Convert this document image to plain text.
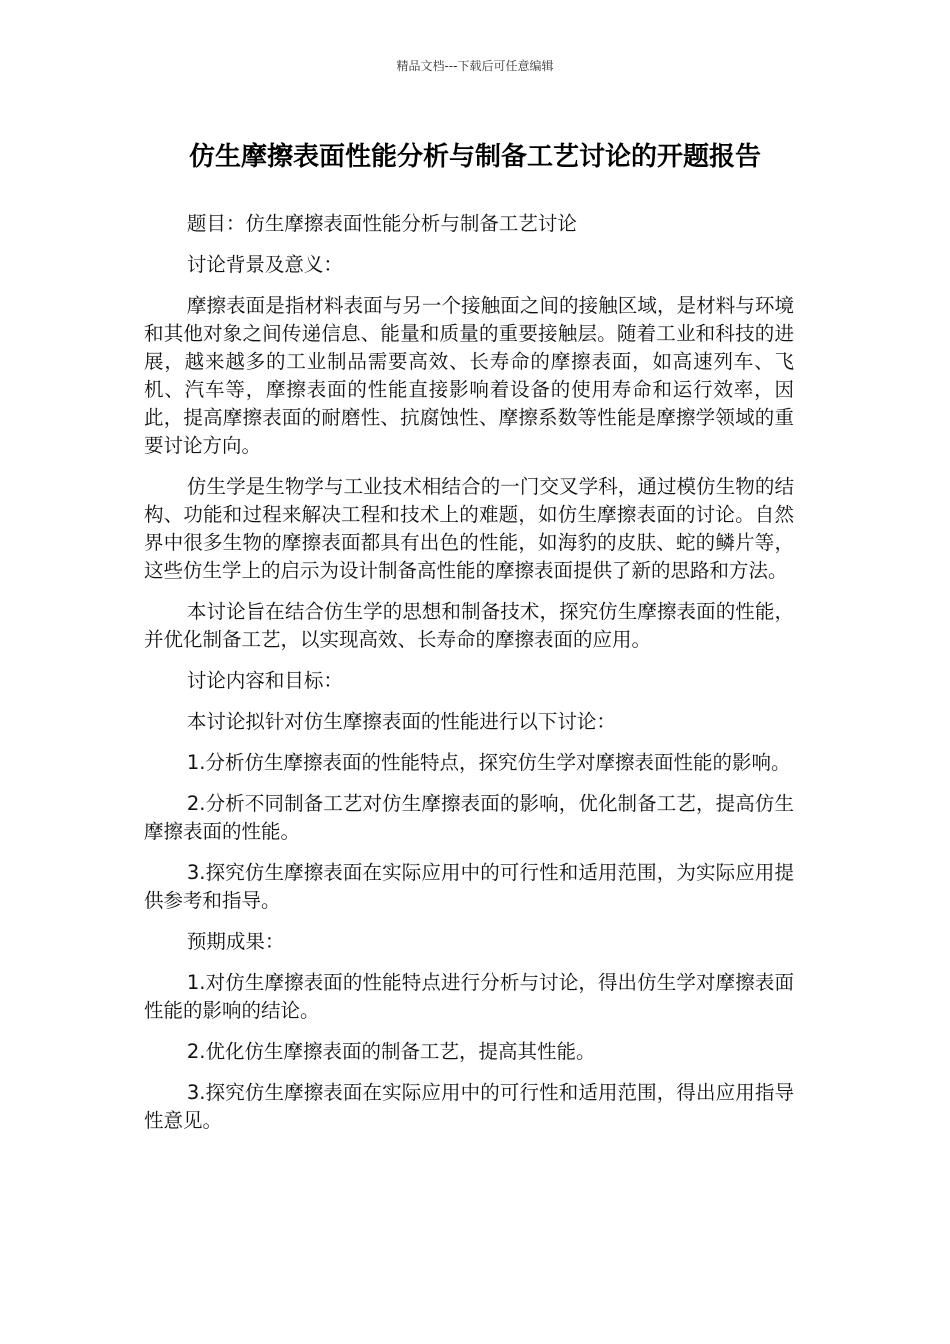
精品文档---下载后可任意编辑
仿生摩擦表面性能分析与制备工艺讨论的开题报告

题目：仿生摩擦表面性能分析与制备工艺讨论

讨论背景及意义：

摩擦表面是指材料表面与另一个接触面之间的接触区域，是材料与环境和其他对象之间传递信息、能量和质量的重要接触层。随着工业和科技的进展，越来越多的工业制品需要高效、长寿命的摩擦表面，如高速列车、飞机、汽车等，摩擦表面的性能直接影响着设备的使用寿命和运行效率，因此，提高摩擦表面的耐磨性、抗腐蚀性、摩擦系数等性能是摩擦学领域的重要讨论方向。

仿生学是生物学与工业技术相结合的一门交叉学科，通过模仿生物的结构、功能和过程来解决工程和技术上的难题，如仿生摩擦表面的讨论。自然界中很多生物的摩擦表面都具有出色的性能，如海豹的皮肤、蛇的鳞片等，这些仿生学上的启示为设计制备高性能的摩擦表面提供了新的思路和方法。

本讨论旨在结合仿生学的思想和制备技术，探究仿生摩擦表面的性能，并优化制备工艺，以实现高效、长寿命的摩擦表面的应用。

讨论内容和目标：

本讨论拟针对仿生摩擦表面的性能进行以下讨论：

1.分析仿生摩擦表面的性能特点，探究仿生学对摩擦表面性能的影响。

2.分析不同制备工艺对仿生摩擦表面的影响，优化制备工艺，提高仿生摩擦表面的性能。

3.探究仿生摩擦表面在实际应用中的可行性和适用范围，为实际应用提供参考和指导。

预期成果：

1.对仿生摩擦表面的性能特点进行分析与讨论，得出仿生学对摩擦表面性能的影响的结论。

2.优化仿生摩擦表面的制备工艺，提高其性能。

3.探究仿生摩擦表面在实际应用中的可行性和适用范围，得出应用指导性意见。
